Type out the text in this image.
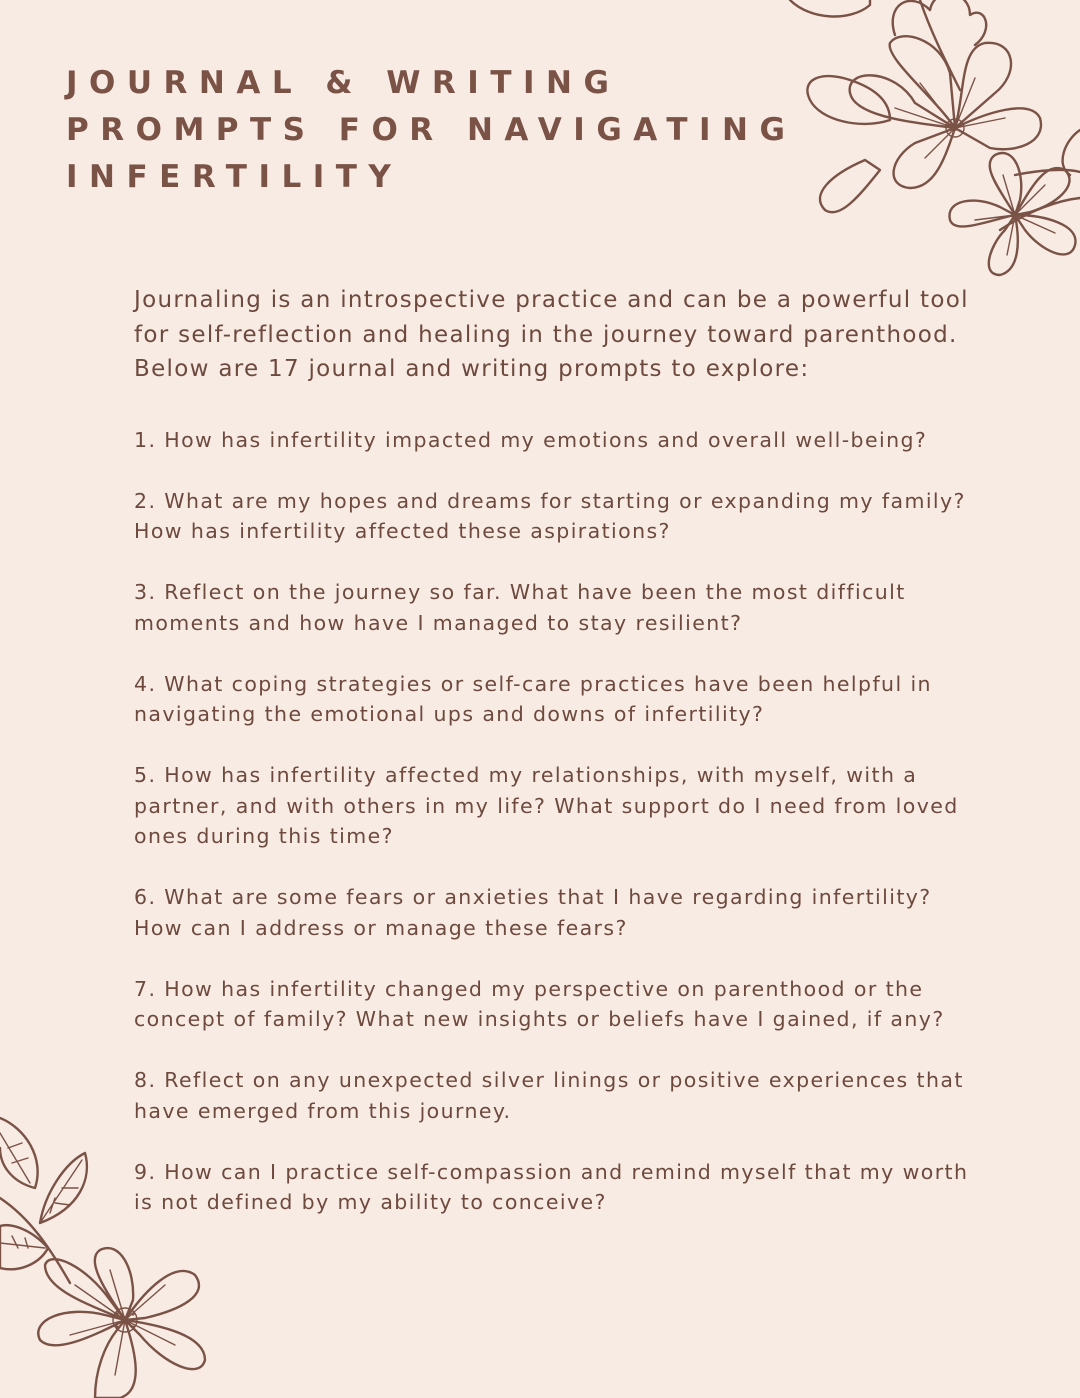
JOURNAL & WRITING
PROMPTS FOR NAVIGATING
INFERTILITY

Journaling is an introspective practice and can be a powerful tool for self-reflection and healing in the journey toward parenthood. Below are 17 journal and writing prompts to explore:

1. How has infertility impacted my emotions and overall well-being?

2. What are my hopes and dreams for starting or expanding my family? How has infertility affected these aspirations?

3. Reflect on the journey so far. What have been the most difficult moments and how have I managed to stay resilient?

4. What coping strategies or self-care practices have been helpful in navigating the emotional ups and downs of infertility?

5. How has infertility affected my relationships, with myself, with a partner, and with others in my life? What support do I need from loved ones during this time?

6. What are some fears or anxieties that I have regarding infertility? How can I address or manage these fears?

7. How has infertility changed my perspective on parenthood or the concept of family? What new insights or beliefs have I gained, if any?

8. Reflect on any unexpected silver linings or positive experiences that have emerged from this journey.

9. How can I practice self-compassion and remind myself that my worth is not defined by my ability to conceive?
